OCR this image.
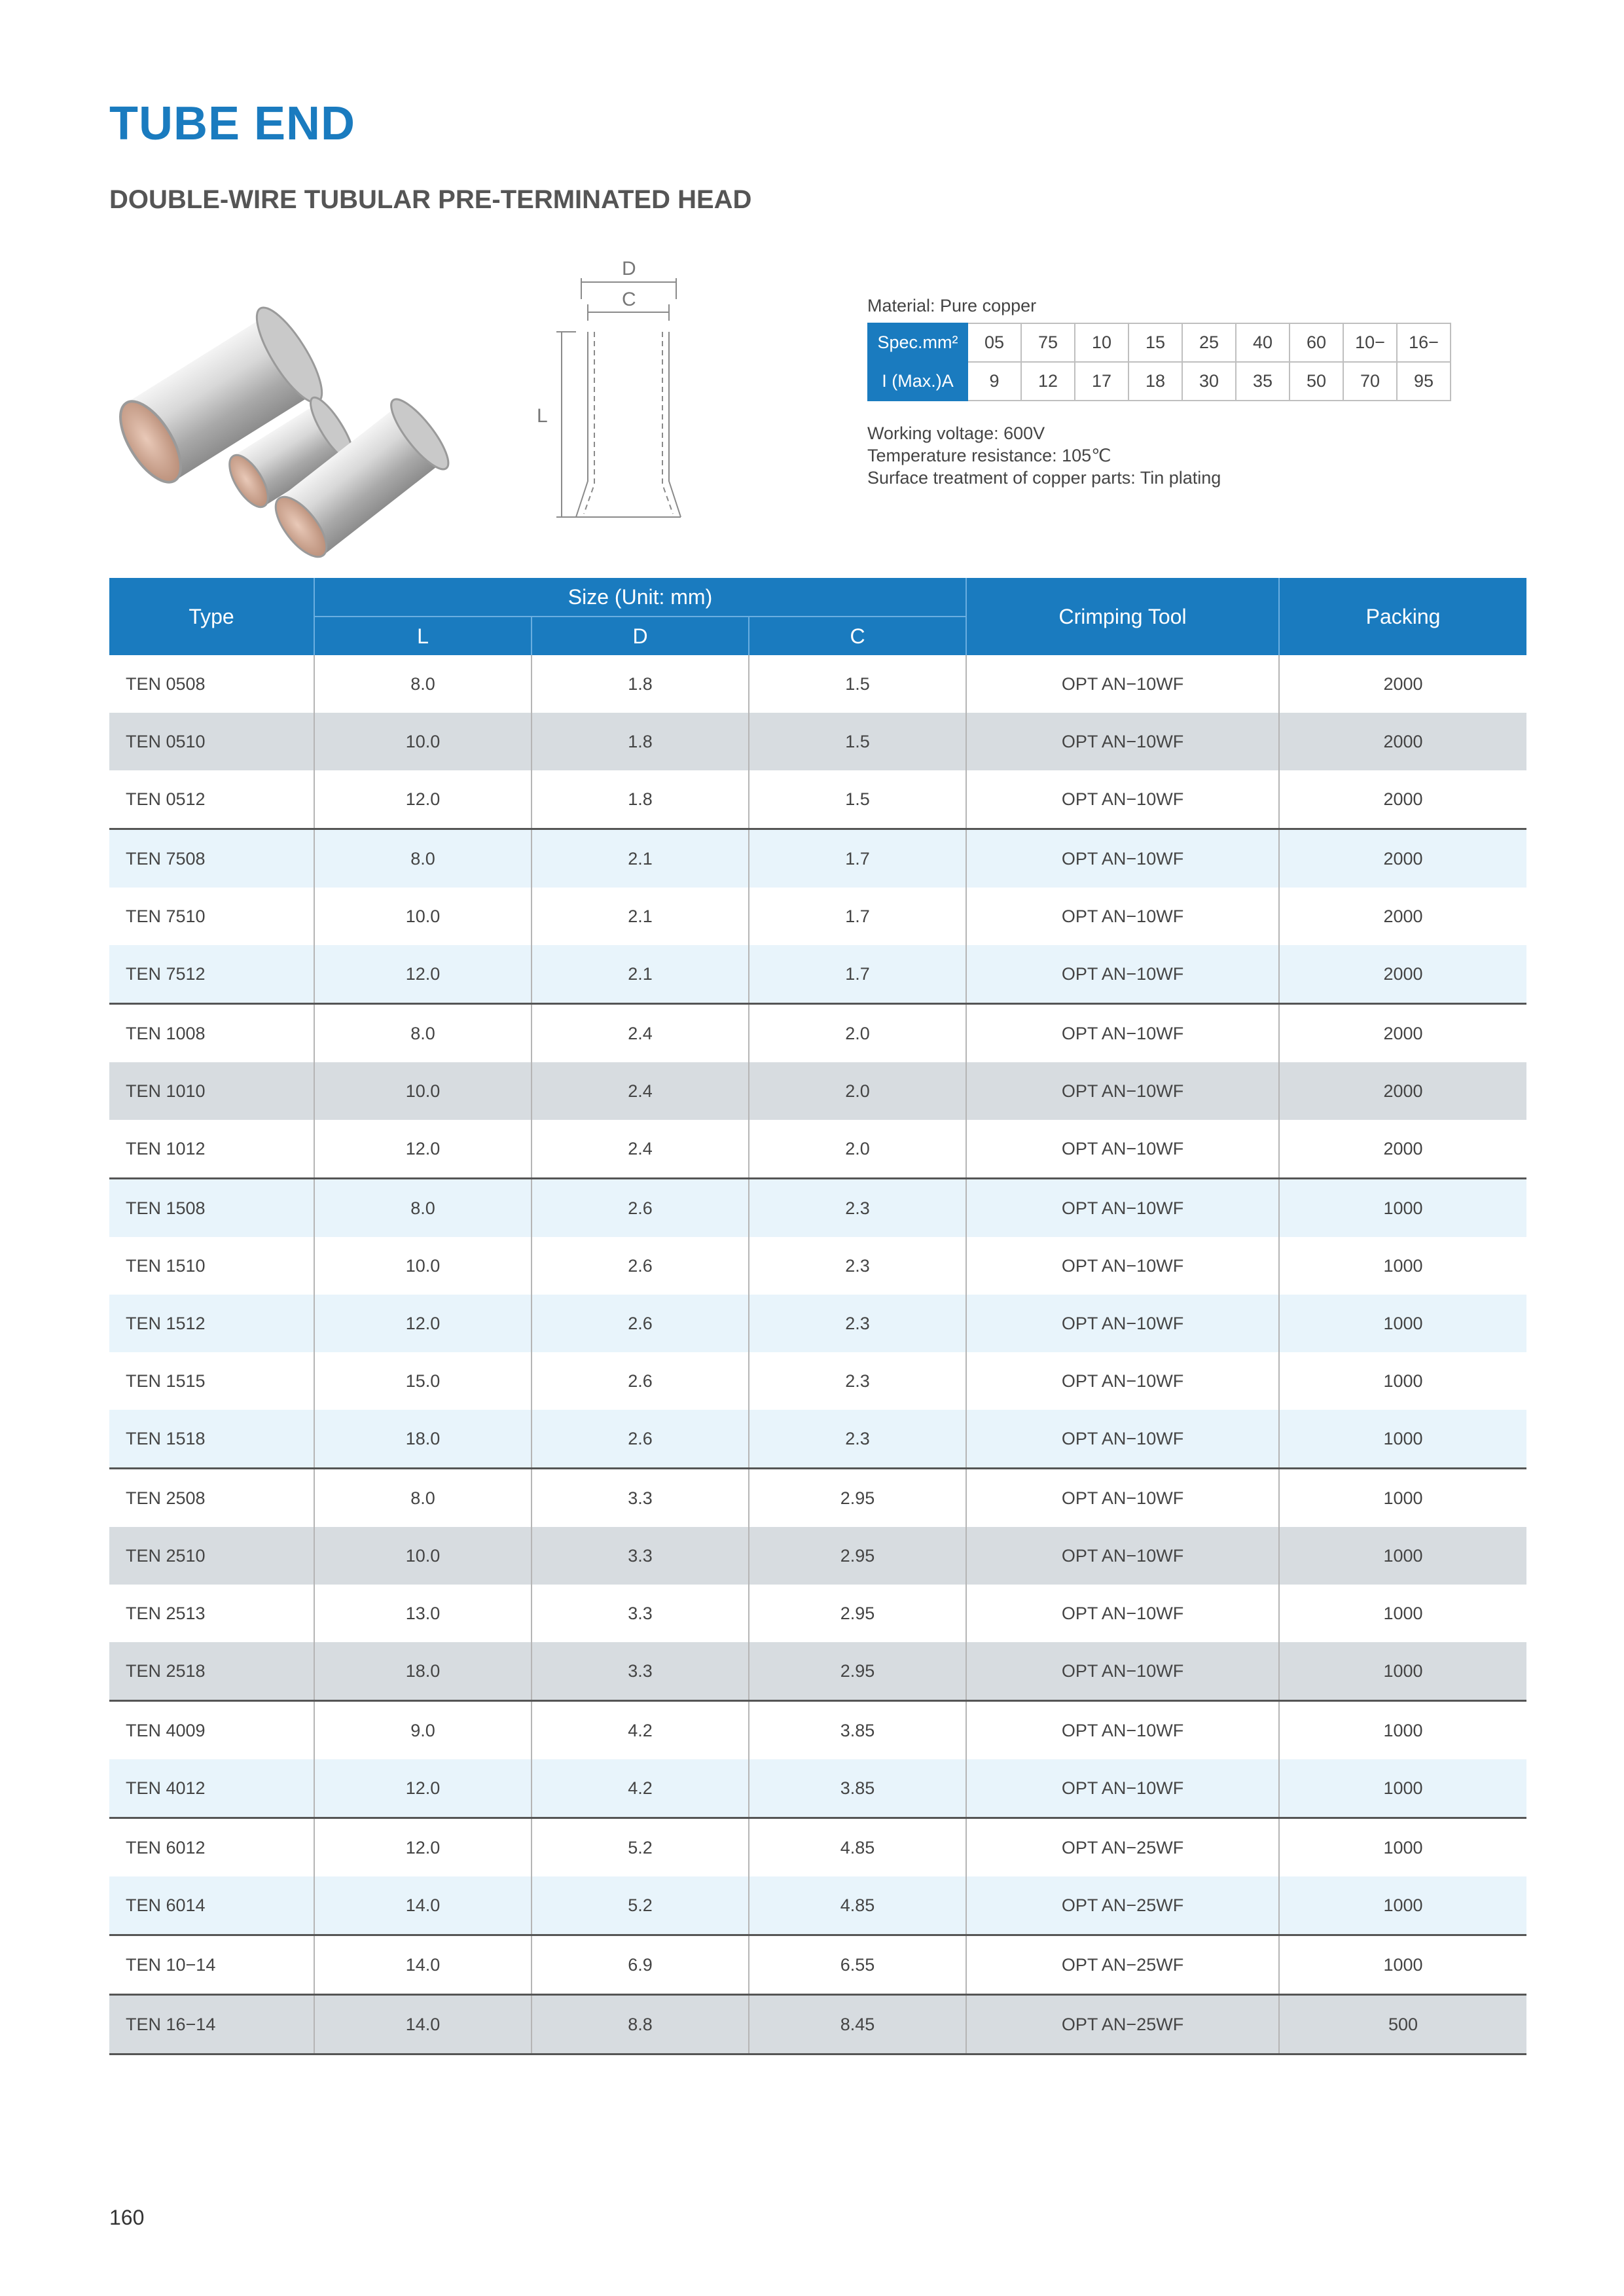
TUBE END
DOUBLE-WIRE TUBULAR PRE-TERMINATED HEAD
D
C
L
Material: Pure copper
Spec.mm²	05	75	10	15	25	40	60	10−	16−
I (Max.)A	9	12	17	18	30	35	50	70	95
Working voltage: 600V
Temperature resistance: 105℃
Surface treatment of copper parts: Tin plating
Type	Size (Unit: mm)			Crimping Tool	Packing
	L	D	C		
TEN 0508	8.0	1.8	1.5	OPT AN−10WF	2000
TEN 0510	10.0	1.8	1.5	OPT AN−10WF	2000
TEN 0512	12.0	1.8	1.5	OPT AN−10WF	2000
TEN 7508	8.0	2.1	1.7	OPT AN−10WF	2000
TEN 7510	10.0	2.1	1.7	OPT AN−10WF	2000
TEN 7512	12.0	2.1	1.7	OPT AN−10WF	2000
TEN 1008	8.0	2.4	2.0	OPT AN−10WF	2000
TEN 1010	10.0	2.4	2.0	OPT AN−10WF	2000
TEN 1012	12.0	2.4	2.0	OPT AN−10WF	2000
TEN 1508	8.0	2.6	2.3	OPT AN−10WF	1000
TEN 1510	10.0	2.6	2.3	OPT AN−10WF	1000
TEN 1512	12.0	2.6	2.3	OPT AN−10WF	1000
TEN 1515	15.0	2.6	2.3	OPT AN−10WF	1000
TEN 1518	18.0	2.6	2.3	OPT AN−10WF	1000
TEN 2508	8.0	3.3	2.95	OPT AN−10WF	1000
TEN 2510	10.0	3.3	2.95	OPT AN−10WF	1000
TEN 2513	13.0	3.3	2.95	OPT AN−10WF	1000
TEN 2518	18.0	3.3	2.95	OPT AN−10WF	1000
TEN 4009	9.0	4.2	3.85	OPT AN−10WF	1000
TEN 4012	12.0	4.2	3.85	OPT AN−10WF	1000
TEN 6012	12.0	5.2	4.85	OPT AN−25WF	1000
TEN 6014	14.0	5.2	4.85	OPT AN−25WF	1000
TEN 10−14	14.0	6.9	6.55	OPT AN−25WF	1000
TEN 16−14	14.0	8.8	8.45	OPT AN−25WF	500
160
